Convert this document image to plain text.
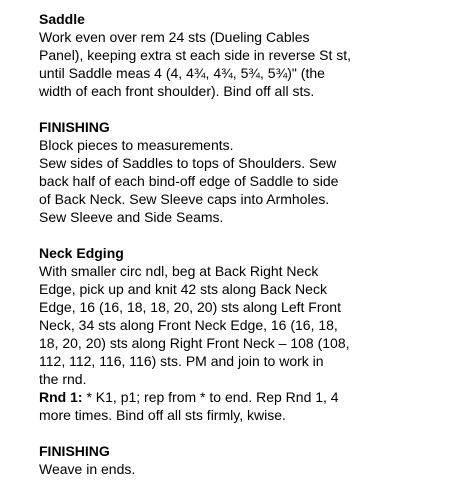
Saddle
Work even over rem 24 sts (Dueling Cables
Panel), keeping extra st each side in reverse St st,
until Saddle meas 4 (4, 4¾, 4¾, 5¾, 5¾)" (the
width of each front shoulder). Bind off all sts.
FINISHING
Block pieces to measurements.
Sew sides of Saddles to tops of Shoulders. Sew
back half of each bind-off edge of Saddle to side
of Back Neck. Sew Sleeve caps into Armholes.
Sew Sleeve and Side Seams.
Neck Edging
With smaller circ ndl, beg at Back Right Neck
Edge, pick up and knit 42 sts along Back Neck
Edge, 16 (16, 18, 18, 20, 20) sts along Left Front
Neck, 34 sts along Front Neck Edge, 16 (16, 18,
18, 20, 20) sts along Right Front Neck – 108 (108,
112, 112, 116, 116) sts. PM and join to work in
the rnd.
Rnd 1: * K1, p1; rep from * to end. Rep Rnd 1, 4
more times. Bind off all sts firmly, kwise.
FINISHING
Weave in ends.
